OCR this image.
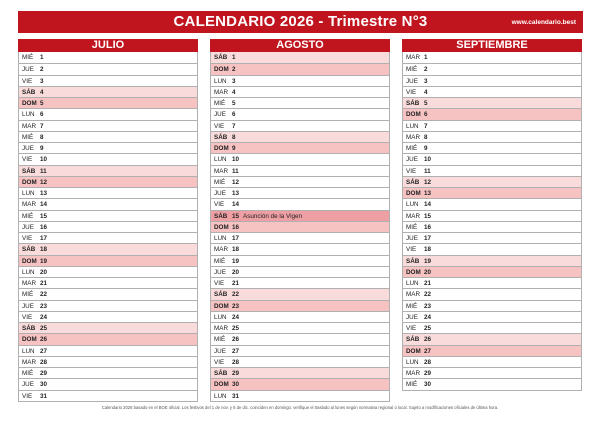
CALENDARIO 2026 - Trimestre N°3	www.calendario.best
JULIO
MIÉ 1
JUE 2
VIE 3
SÁB 4
DOM 5
LUN 6
MAR 7
MIÉ 8
JUE 9
VIE 10
SÁB 11
DOM 12
LUN 13
MAR 14
MIÉ 15
JUE 16
VIE 17
SÁB 18
DOM 19
LUN 20
MAR 21
MIÉ 22
JUE 23
VIE 24
SÁB 25
DOM 26
LUN 27
MAR 28
MIÉ 29
JUE 30
VIE 31
AGOSTO
SÁB 1
DOM 2
LUN 3
MAR 4
MIÉ 5
JUE 6
VIE 7
SÁB 8
DOM 9
LUN 10
MAR 11
MIÉ 12
JUE 13
VIE 14
SÁB 15 Asunción de la Vigen
DOM 16
LUN 17
MAR 18
MIÉ 19
JUE 20
VIE 21
SÁB 22
DOM 23
LUN 24
MAR 25
MIÉ 26
JUE 27
VIE 28
SÁB 29
DOM 30
LUN 31
SEPTIEMBRE
MAR 1
MIÉ 2
JUE 3
VIE 4
SÁB 5
DOM 6
LUN 7
MAR 8
MIÉ 9
JUE 10
VIE 11
SÁB 12
DOM 13
LUN 14
MAR 15
MIÉ 16
JUE 17
VIE 18
SÁB 19
DOM 20
LUN 21
MAR 22
MIÉ 23
JUE 24
VIE 25
SÁB 26
DOM 27
LUN 28
MAR 29
MIÉ 30
Calendario 2026 basado en el BOE oficial. Los festivos del 1 de nov. y 6 de dic. coinciden en domingo: verifique el traslado al lunes según normativa regional o local. Sujeto a modificaciones oficiales de última hora.
